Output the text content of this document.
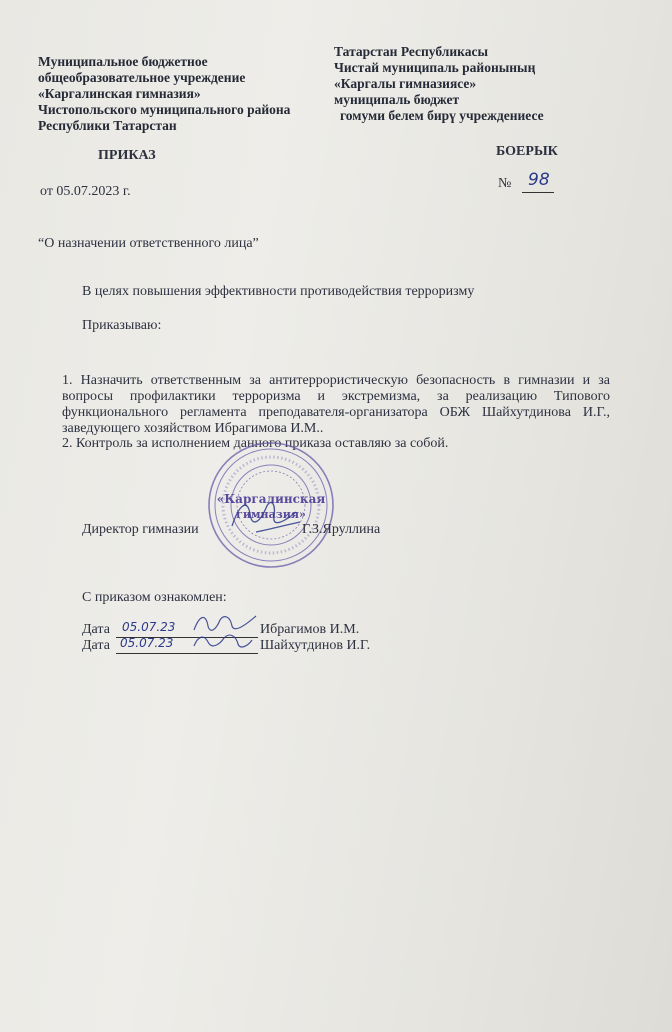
Муниципальное бюджетное
общеобразовательное учреждение
«Каргалинская гимназия»
Чистопольского муниципального района
Республики Татарстан
Татарстан Республикасы
Чистай муниципаль районының
«Каргалы гимназиясе»
муниципаль бюджет
гомуми белем бирү учреждениесе
ПРИКАЗ	БОЕРЫК
от 05.07.2023 г.
№ 98
“О назначении ответственного лица”
В целях повышения эффективности противодействия терроризму
Приказываю:
1. Назначить ответственным за антитеррористическую безопасность в гимназии и за
вопросы профилактики терроризма и экстремизма, за реализацию Типового
функционального регламента преподавателя-организатора ОБЖ Шайхутдинова И.Г.,
заведующего хозяйством Ибрагимова И.М..
2. Контроль за исполнением данного приказа оставляю за собой.
«Каргалинская
гимназия»
Директор гимназии	Г.З.Яруллина
С приказом ознакомлен:
Дата 05.07.23	Ибрагимов И.М.
Дата 05.07.23	Шайхутдинов И.Г.
